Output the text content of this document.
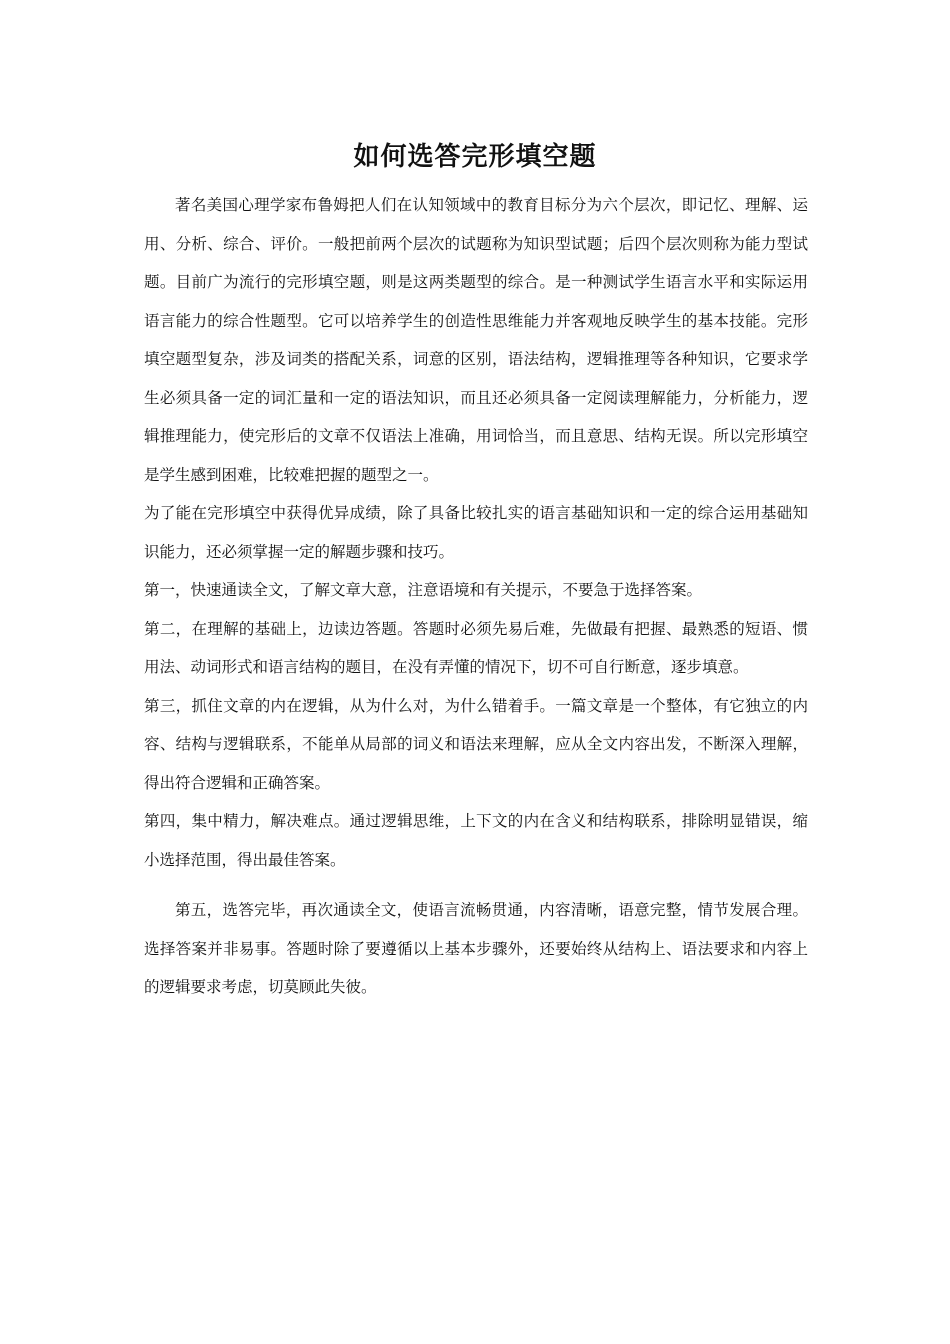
如何选答完形填空题

著名美国心理学家布鲁姆把人们在认知领域中的教育目标分为六个层次，即记忆、理解、运用、分析、综合、评价。一般把前两个层次的试题称为知识型试题；后四个层次则称为能力型试题。目前广为流行的完形填空题，则是这两类题型的综合。是一种测试学生语言水平和实际运用语言能力的综合性题型。它可以培养学生的创造性思维能力并客观地反映学生的基本技能。完形填空题型复杂，涉及词类的搭配关系，词意的区别，语法结构，逻辑推理等各种知识，它要求学生必须具备一定的词汇量和一定的语法知识，而且还必须具备一定阅读理解能力，分析能力，逻辑推理能力，使完形后的文章不仅语法上准确，用词恰当，而且意思、结构无误。所以完形填空是学生感到困难，比较难把握的题型之一。

为了能在完形填空中获得优异成绩，除了具备比较扎实的语言基础知识和一定的综合运用基础知识能力，还必须掌握一定的解题步骤和技巧。

第一，快速通读全文，了解文章大意，注意语境和有关提示，不要急于选择答案。

第二，在理解的基础上，边读边答题。答题时必须先易后难，先做最有把握、最熟悉的短语、惯用法、动词形式和语言结构的题目，在没有弄懂的情况下，切不可自行断意，逐步填意。

第三，抓住文章的内在逻辑，从为什么对，为什么错着手。一篇文章是一个整体，有它独立的内容、结构与逻辑联系，不能单从局部的词义和语法来理解，应从全文内容出发，不断深入理解，得出符合逻辑和正确答案。

第四，集中精力，解决难点。通过逻辑思维，上下文的内在含义和结构联系，排除明显错误，缩小选择范围，得出最佳答案。

第五，选答完毕，再次通读全文，使语言流畅贯通，内容清晰，语意完整，情节发展合理。选择答案并非易事。答题时除了要遵循以上基本步骤外，还要始终从结构上、语法要求和内容上的逻辑要求考虑，切莫顾此失彼。
